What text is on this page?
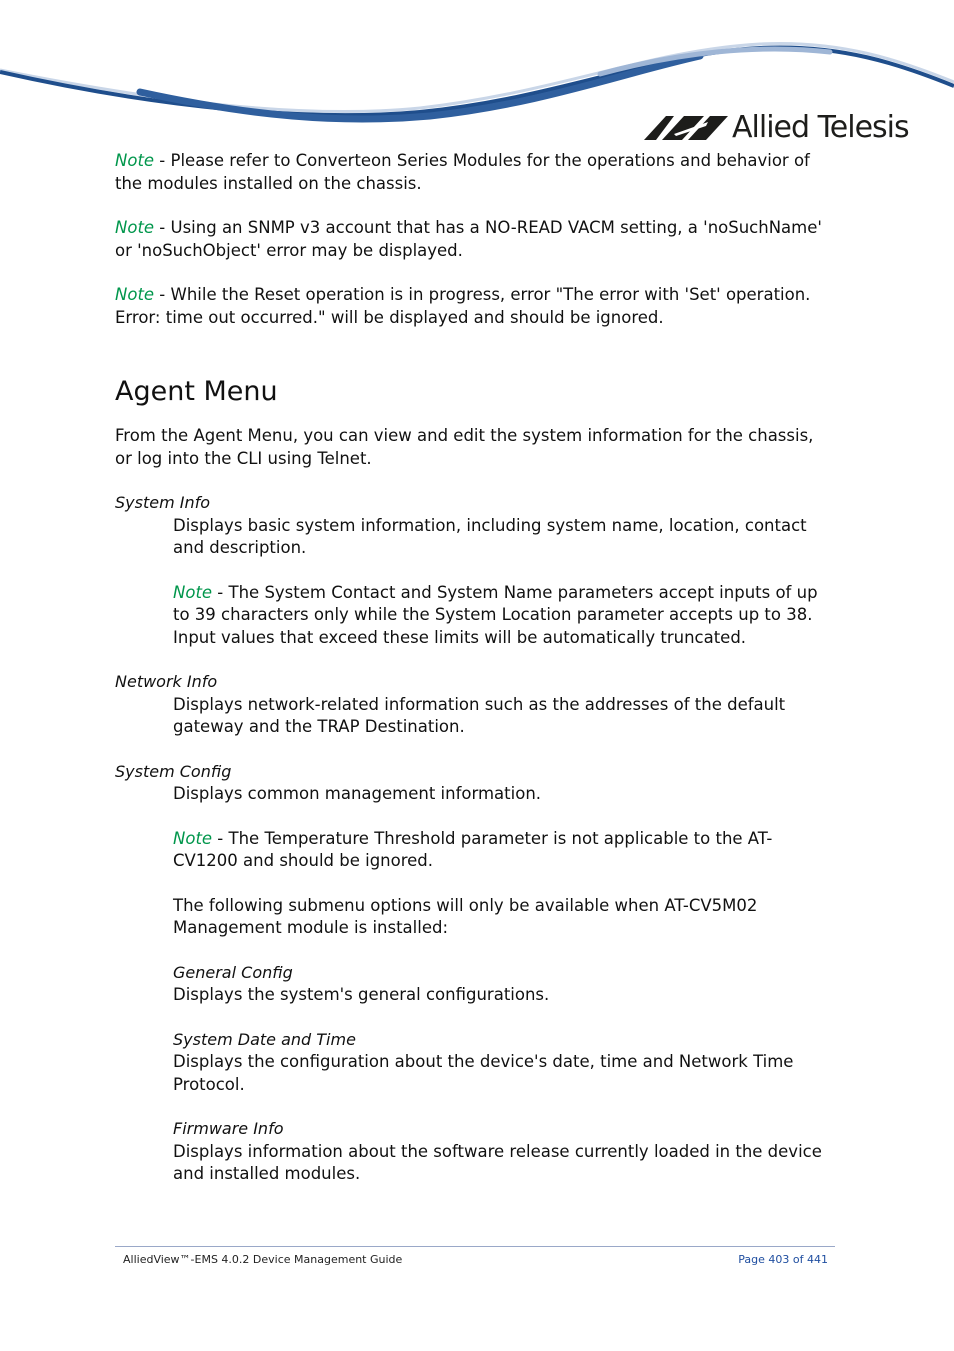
Allied Telesis

Note - Please refer to Converteon Series Modules for the operations and behavior of the modules installed on the chassis.

Note - Using an SNMP v3 account that has a NO-READ VACM setting, a 'noSuchName' or 'noSuchObject' error may be displayed.

Note - While the Reset operation is in progress, error "The error with 'Set' operation. Error: time out occurred." will be displayed and should be ignored.

Agent Menu

From the Agent Menu, you can view and edit the system information for the chassis, or log into the CLI using Telnet.

System Info

Displays basic system information, including system name, location, contact and description.

Note - The System Contact and System Name parameters accept inputs of up to 39 characters only while the System Location parameter accepts up to 38. Input values that exceed these limits will be automatically truncated.

Network Info

Displays network-related information such as the addresses of the default gateway and the TRAP Destination.

System Config

Displays common management information.

Note - The Temperature Threshold parameter is not applicable to the AT-CV1200 and should be ignored.

The following submenu options will only be available when AT-CV5M02 Management module is installed:

General Config

Displays the system's general configurations.

System Date and Time

Displays the configuration about the device's date, time and Network Time Protocol.

Firmware Info

Displays information about the software release currently loaded in the device and installed modules.

AlliedView™-EMS 4.0.2 Device Management Guide	Page 403 of 441
